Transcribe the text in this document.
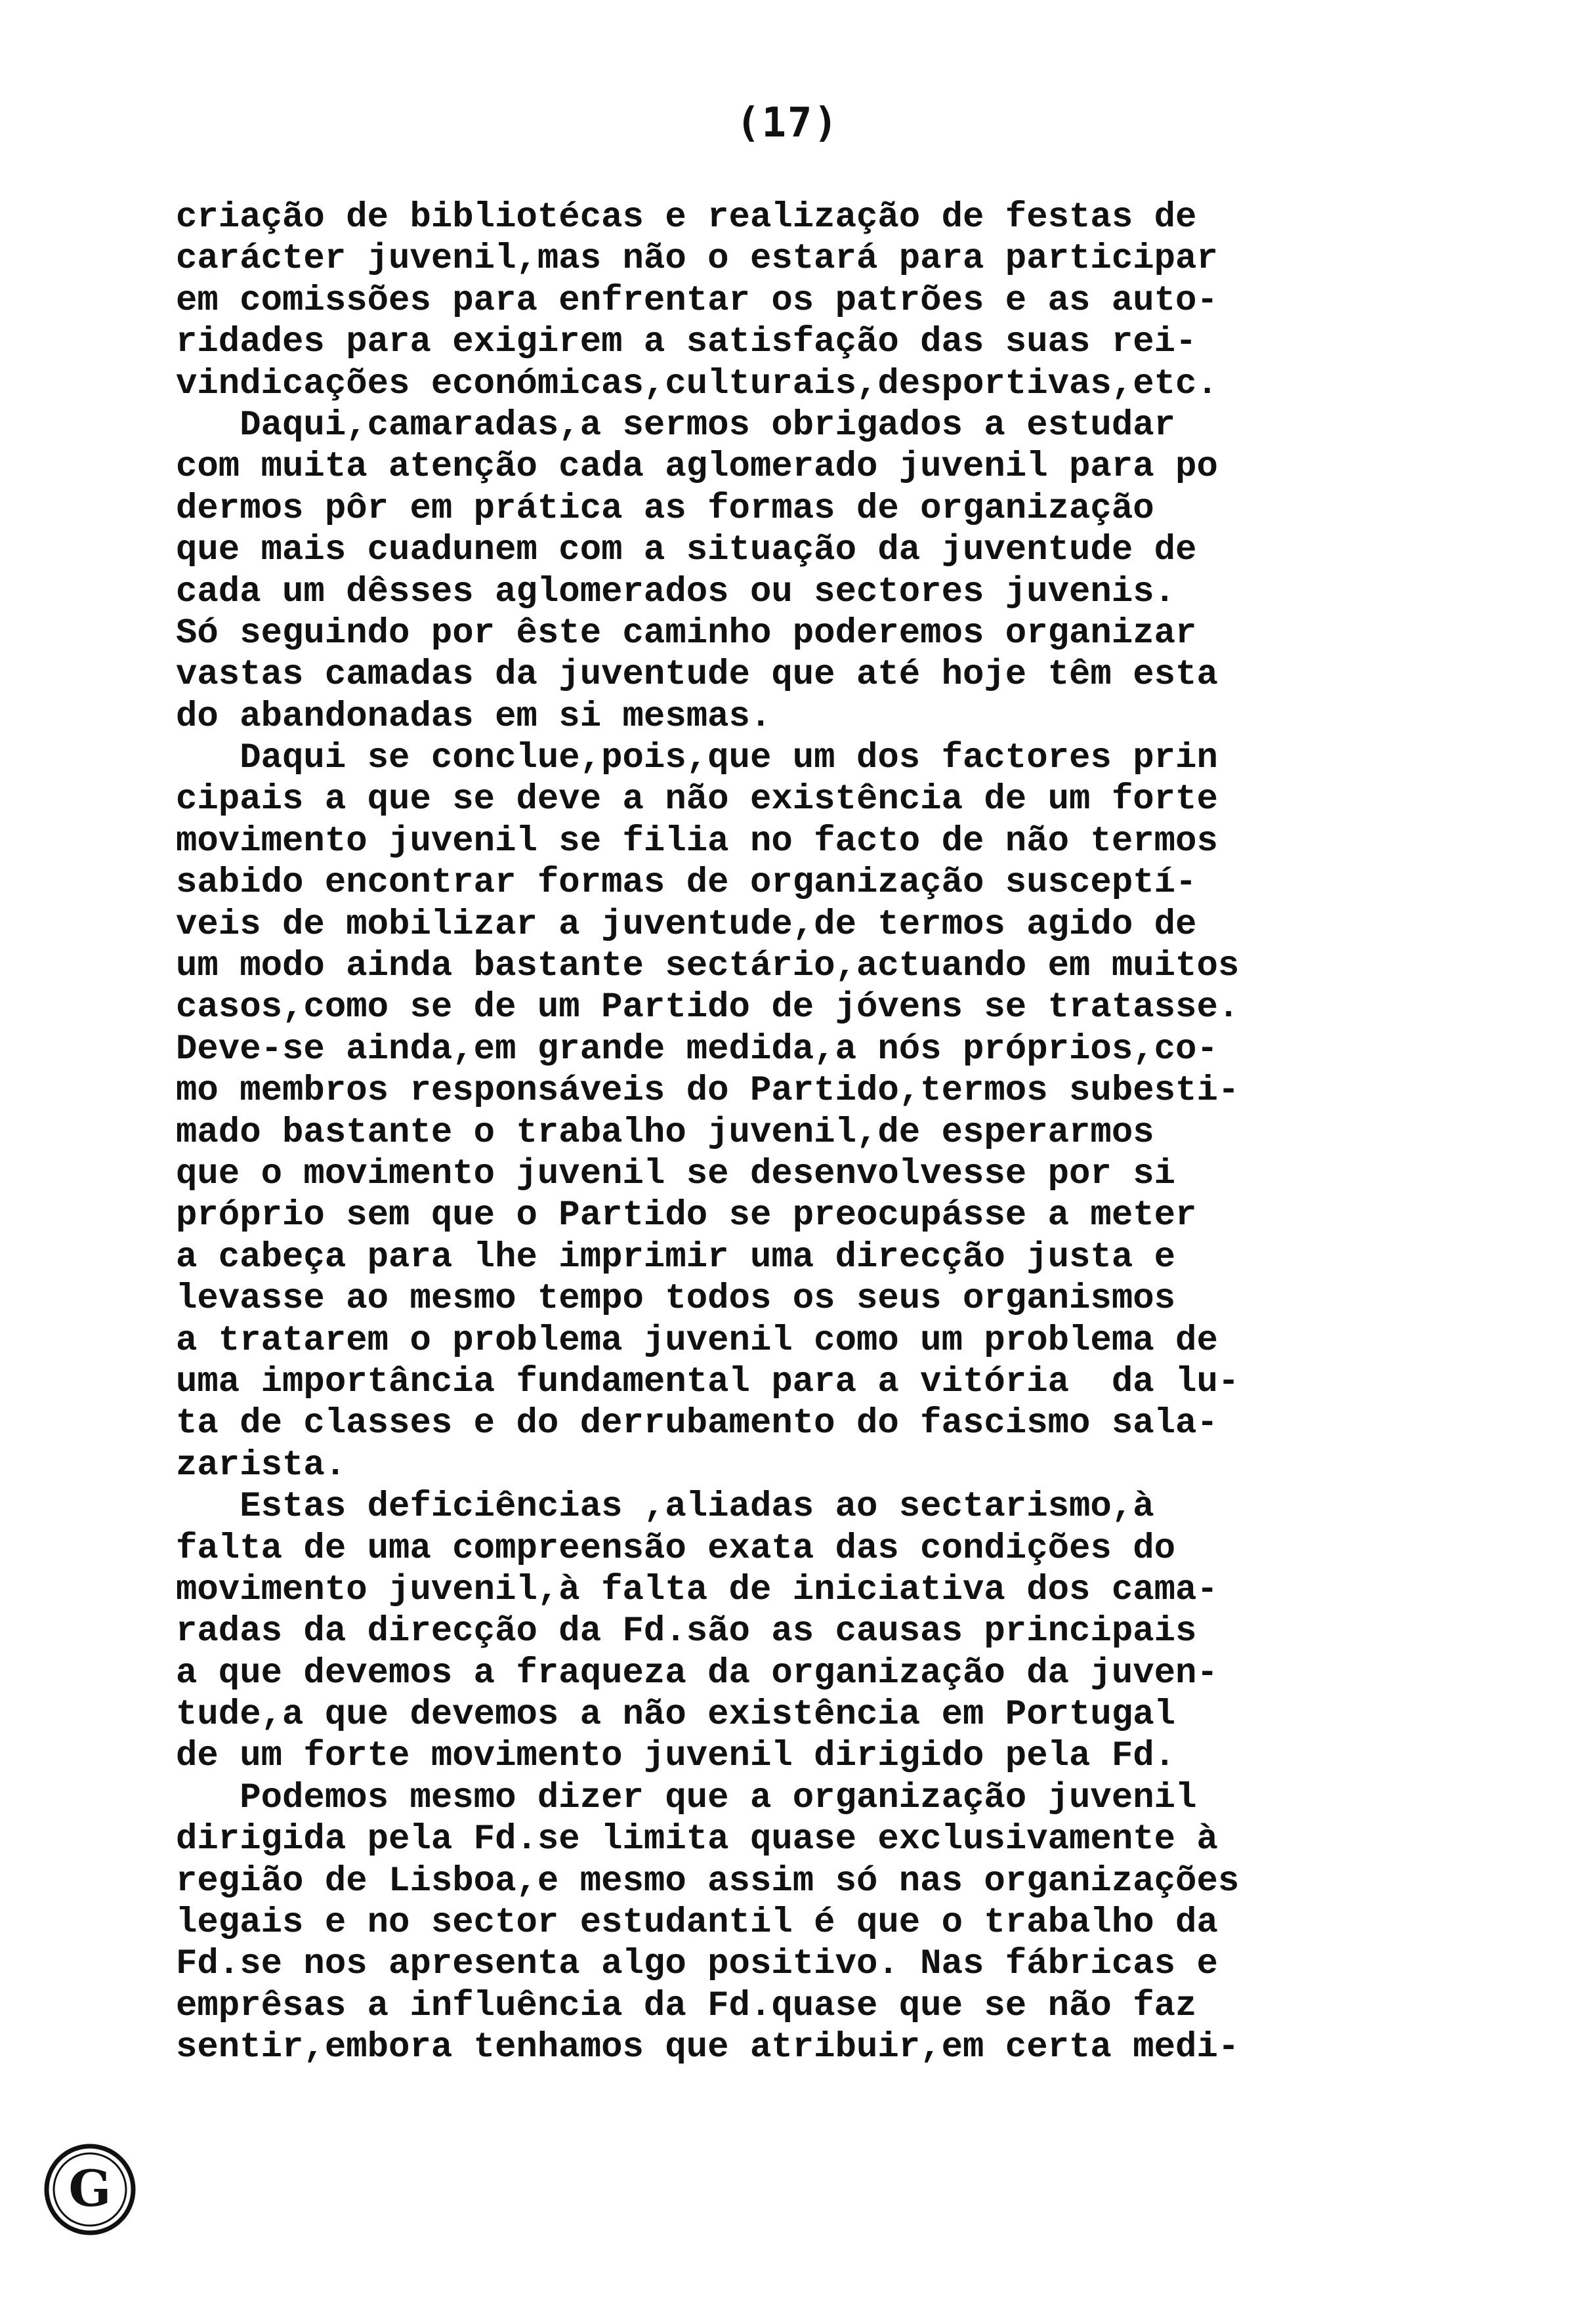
(17)
criação de bibliotécas e realização de festas de
carácter juvenil,mas não o estará para participar
em comissões para enfrentar os patrões e as auto-
ridades para exigirem a satisfação das suas rei-
vindicações económicas,culturais,desportivas,etc.
Daqui,camaradas,a sermos obrigados a estudar
com muita atenção cada aglomerado juvenil para po
dermos pôr em prática as formas de organização
que mais cuadunem com a situação da juventude de
cada um dêsses aglomerados ou sectores juvenis.
Só seguindo por êste caminho poderemos organizar
vastas camadas da juventude que até hoje têm esta
do abandonadas em si mesmas.
Daqui se conclue,pois,que um dos factores prin
cipais a que se deve a não existência de um forte
movimento juvenil se filia no facto de não termos
sabido encontrar formas de organização susceptí-
veis de mobilizar a juventude,de termos agido de
um modo ainda bastante sectário,actuando em muitos
casos,como se de um Partido de jóvens se tratasse.
Deve-se ainda,em grande medida,a nós próprios,co-
mo membros responsáveis do Partido,termos subesti-
mado bastante o trabalho juvenil,de esperarmos
que o movimento juvenil se desenvolvesse por si
próprio sem que o Partido se preocupásse a meter
a cabeça para lhe imprimir uma direcção justa e
levasse ao mesmo tempo todos os seus organismos
a tratarem o problema juvenil como um problema de
uma importância fundamental para a vitória  da lu-
ta de classes e do derrubamento do fascismo sala-
zarista.
Estas deficiências ,aliadas ao sectarismo,à
falta de uma compreensão exata das condições do
movimento juvenil,à falta de iniciativa dos cama-
radas da direcção da Fd.são as causas principais
a que devemos a fraqueza da organização da juven-
tude,a que devemos a não existência em Portugal
de um forte movimento juvenil dirigido pela Fd.
Podemos mesmo dizer que a organização juvenil
dirigida pela Fd.se limita quase exclusivamente à
região de Lisboa,e mesmo assim só nas organizações
legais e no sector estudantil é que o trabalho da
Fd.se nos apresenta algo positivo. Nas fábricas e
emprêsas a influência da Fd.quase que se não faz
sentir,embora tenhamos que atribuir,em certa medi-
G
